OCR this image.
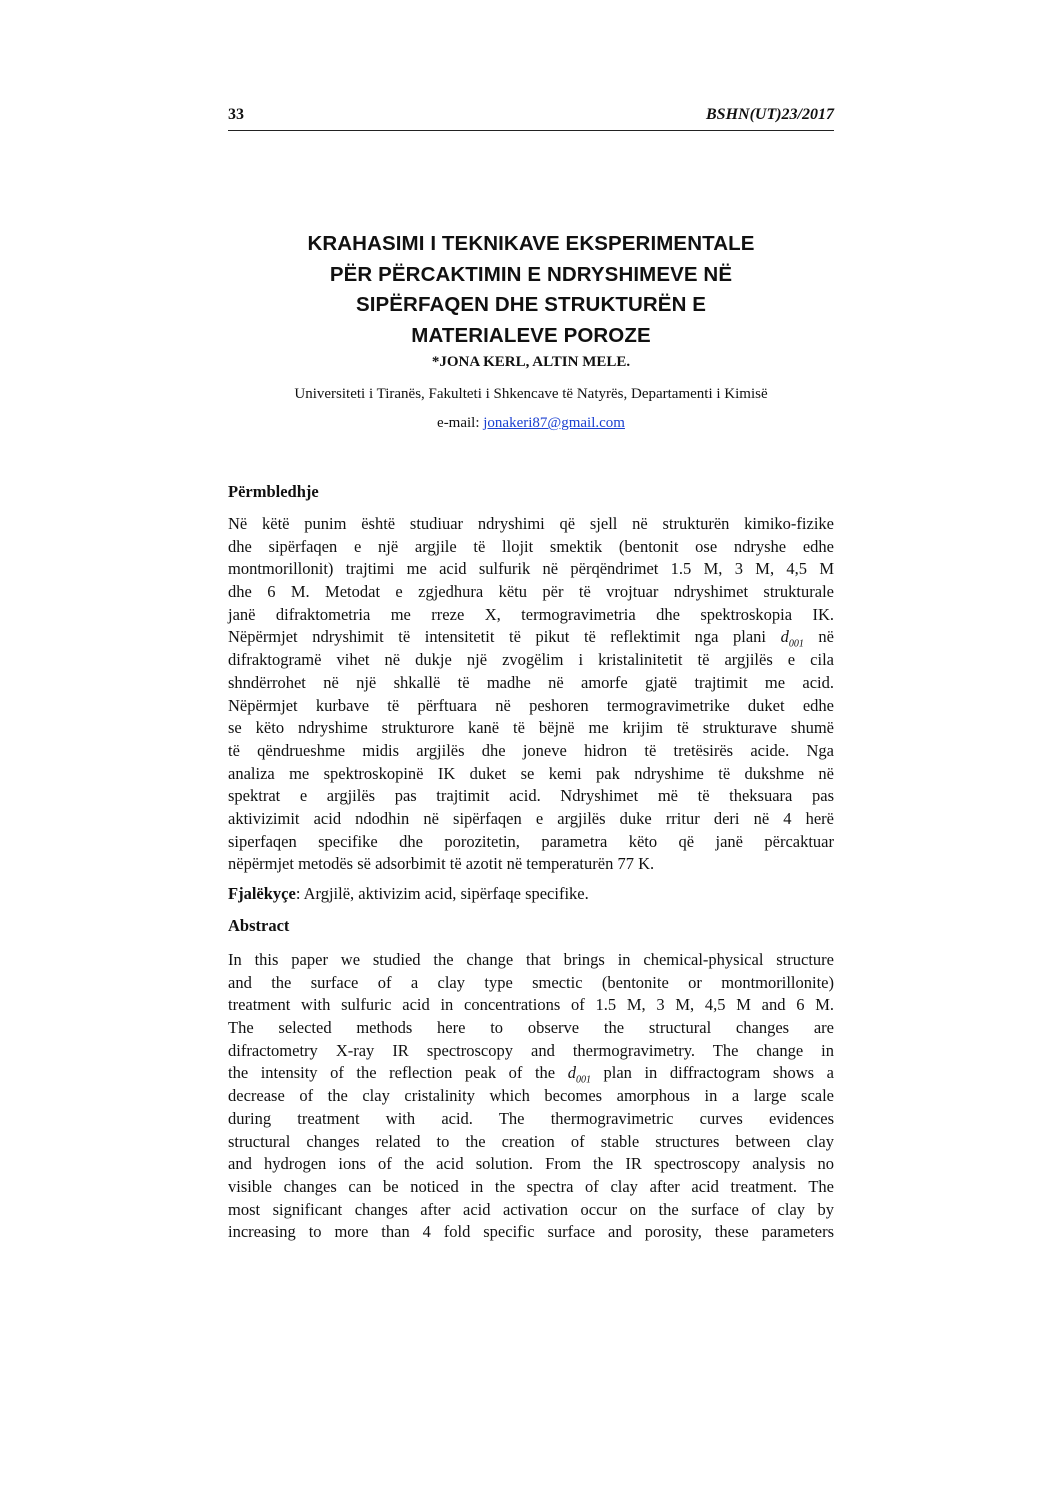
33	BSHN(UT)23/2017
KRAHASIMI I TEKNIKAVE EKSPERIMENTALE
PËR PËRCAKTIMIN E NDRYSHIMEVE NË
SIPËRFAQEN DHE STRUKTURËN E
MATERIALEVE POROZE
*JONA KERL, ALTIN MELE.
Universiteti i Tiranës, Fakulteti i Shkencave të Natyrës, Departamenti i Kimisë
e-mail: jonakeri87@gmail.com
Përmbledhje
Në këtë punim është studiuar ndryshimi që sjell në strukturën kimiko-fizike
dhe sipërfaqen e një argjile të llojit smektik (bentonit ose ndryshe edhe
montmorillonit) trajtimi me acid sulfurik në përqëndrimet 1.5 M, 3 M, 4,5 M
dhe 6 M. Metodat e zgjedhura këtu për të vrojtuar ndryshimet strukturale
janë difraktometria me rreze X, termogravimetria dhe spektroskopia IK.
Nëpërmjet ndryshimit të intensitetit të pikut të reflektimit nga plani $d_{001}$ në
difraktogramë vihet në dukje një zvogëlim i kristalinitetit të argjilës e cila
shndërrohet në një shkallë të madhe në amorfe gjatë trajtimit me acid.
Nëpërmjet kurbave të përftuara në peshoren termogravimetrike duket edhe
se këto ndryshime strukturore kanë të bëjnë me krijim të strukturave shumë
të qëndrueshme midis argjilës dhe joneve hidron të tretësirës acide. Nga
analiza me spektroskopinë IK duket se kemi pak ndryshime të dukshme në
spektrat e argjilës pas trajtimit acid. Ndryshimet më të theksuara pas
aktivizimit acid ndodhin në sipërfaqen e argjilës duke rritur deri në 4 herë
siperfaqen specifike dhe porozitetin, parametra këto që janë përcaktuar
nëpërmjet metodës së adsorbimit të azotit në temperaturën 77 K.
Fjalëkyçe: Argjilë, aktivizim acid, sipërfaqe specifike.
Abstract
In this paper we studied the change that brings in chemical-physical structure
and the surface of a clay type smectic (bentonite or montmorillonite)
treatment with sulfuric acid in concentrations of 1.5 M, 3 M, 4,5 M and 6 M.
The selected methods here to observe the structural changes are
difractometry X-ray IR spectroscopy and thermogravimetry. The change in
the intensity of the reflection peak of the $d_{001}$ plan in diffractogram shows a
decrease of the clay cristalinity which becomes amorphous in a large scale
during treatment with acid. The thermogravimetric curves evidences
structural changes related to the creation of stable structures between clay
and hydrogen ions of the acid solution. From the IR spectroscopy analysis no
visible changes can be noticed in the spectra of clay after acid treatment. The
most significant changes after acid activation occur on the surface of clay by
increasing to more than 4 fold specific surface and porosity, these parameters
